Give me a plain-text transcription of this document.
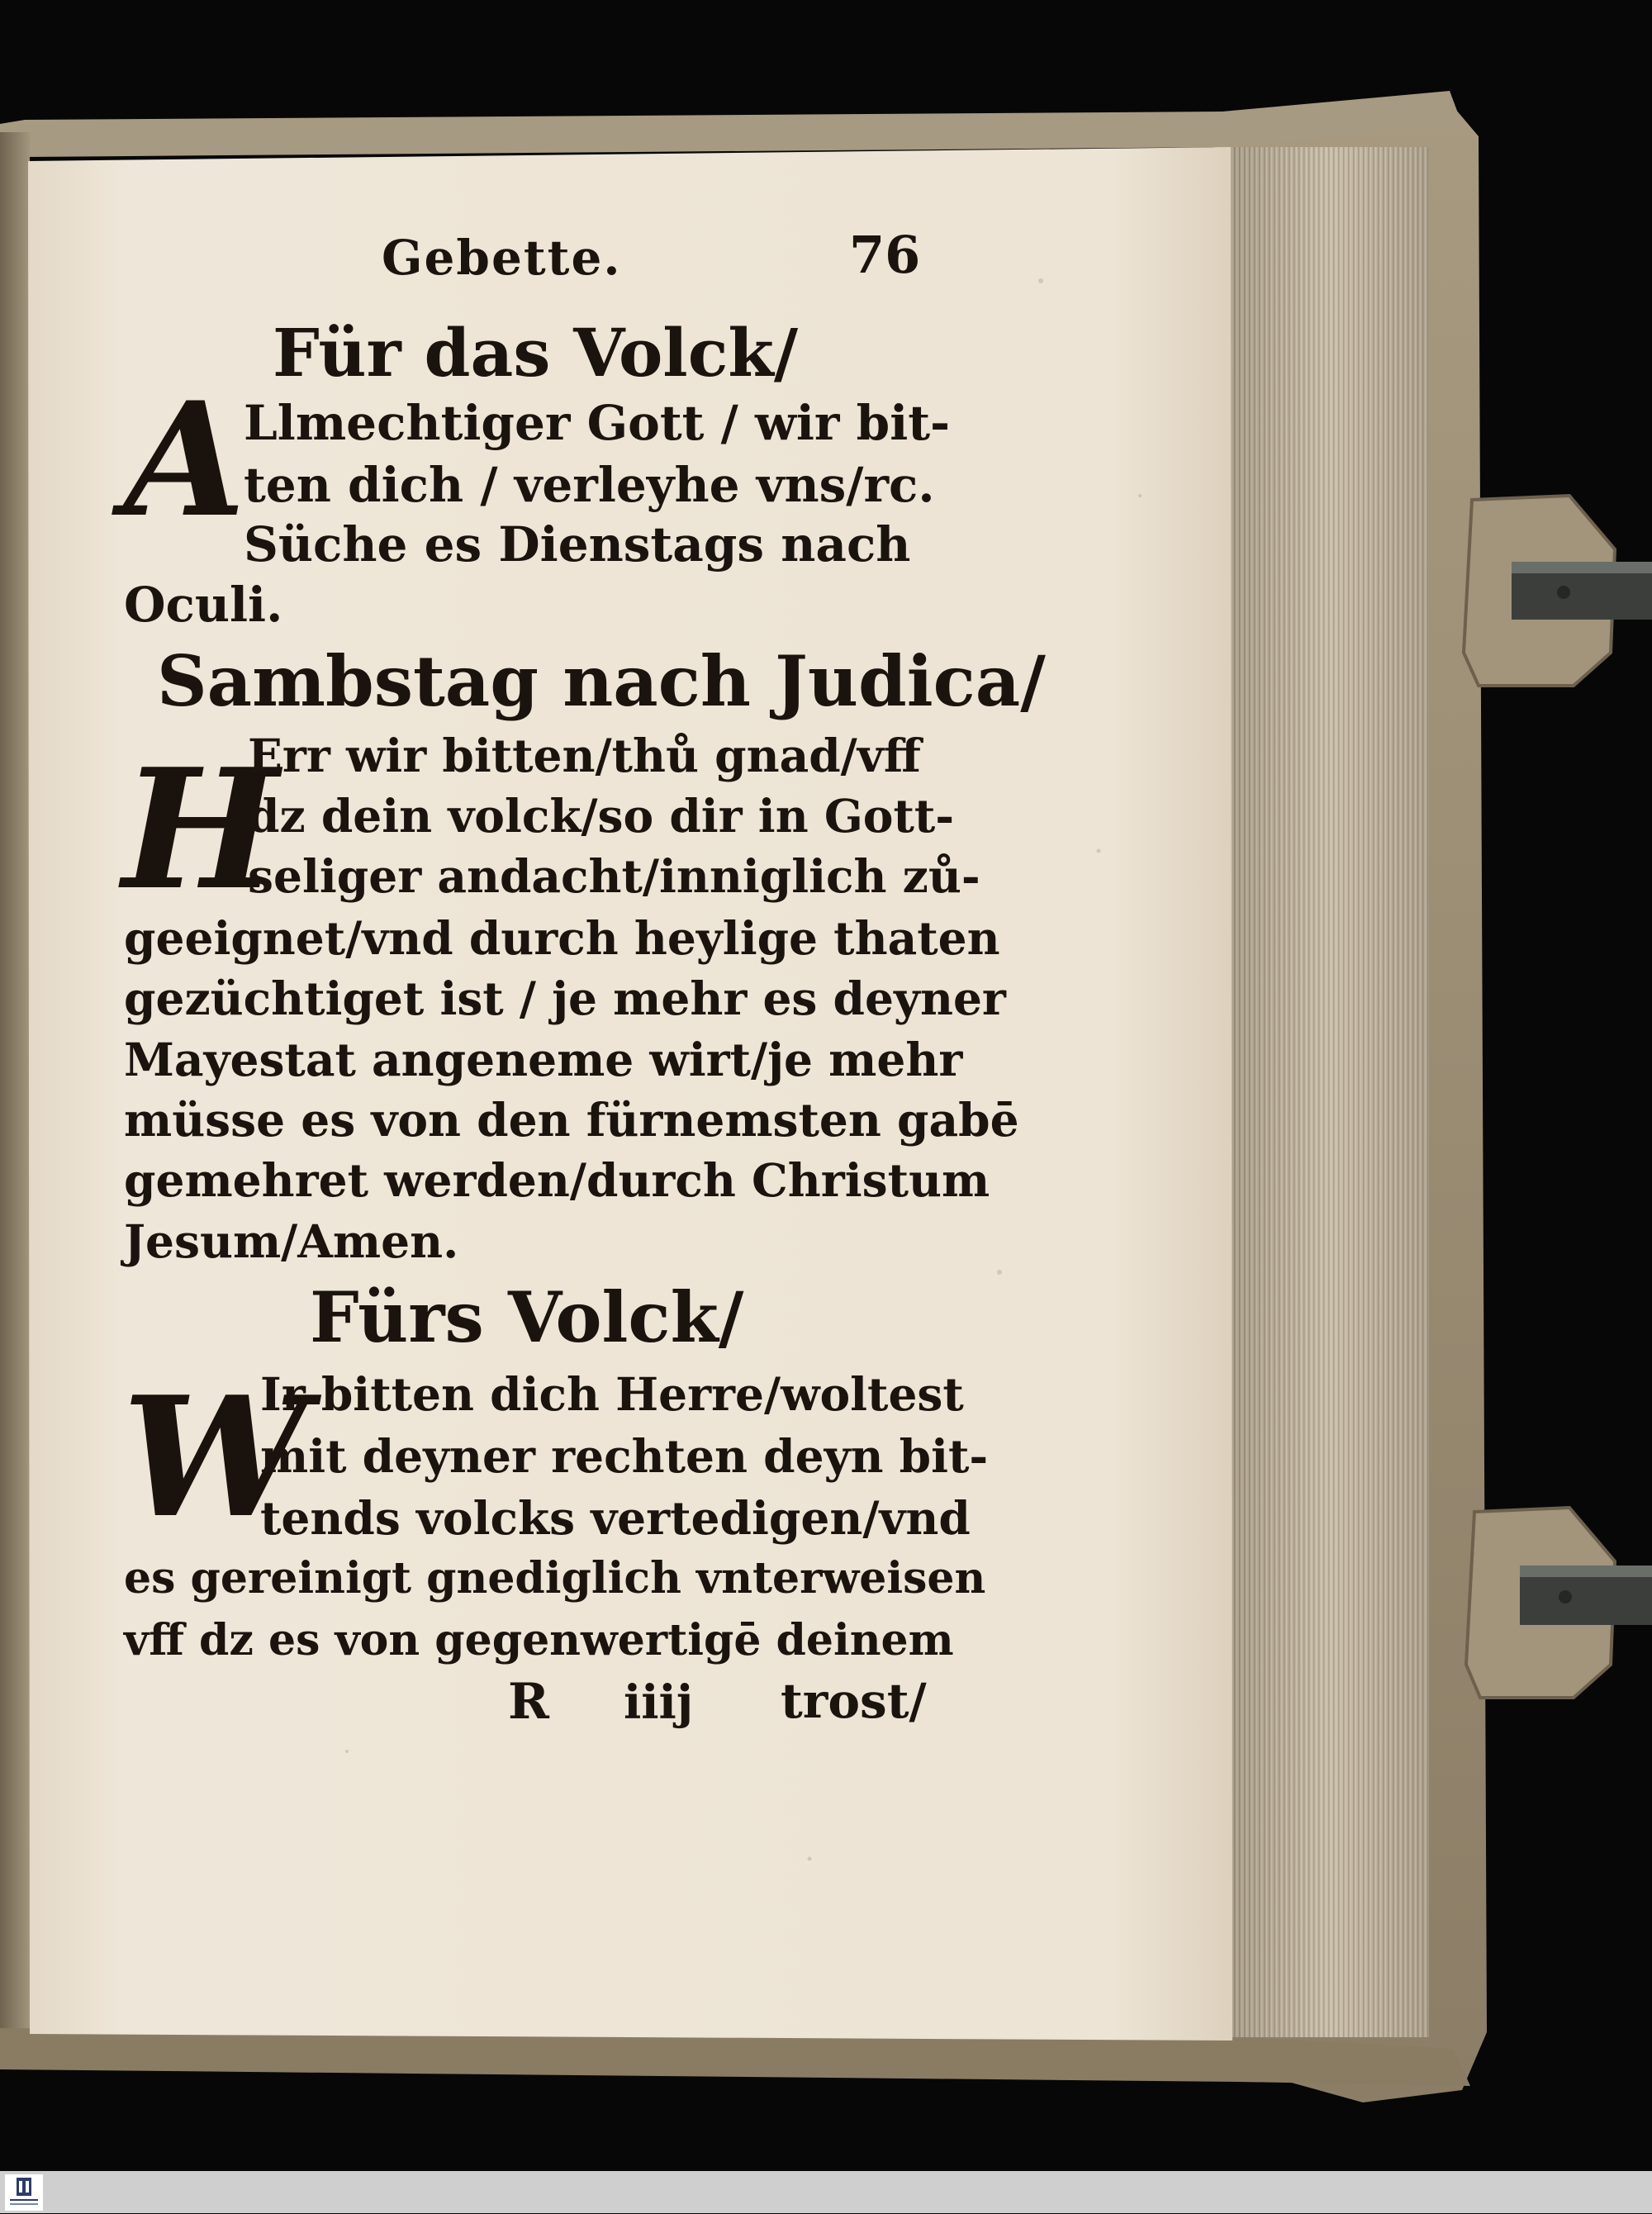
Gebette.	76
Für das Volck/
A
Llmechtiger Gott / wir bit-
ten dich / verleyhe vns/rc.
Süche es Dienstags nach
Oculi.
Sambstag nach Judica/
H
Err wir bitten/thů gnad/vff
dz dein volck/so dir in Gott-
seliger andacht/inniglich zů-
geeignet/vnd durch heylige thaten
gezüchtiget ist / je mehr es deyner
Mayestat angeneme wirt/je mehr
müsse es von den fürnemsten gabē
gemehret werden/durch Christum
Jesum/Amen.
Fürs Volck/
W
Ir bitten dich Herre/woltest
mit deyner rechten deyn bit-
tends volcks vertedigen/vnd
es gereinigt gnediglich vnterweisen
vff dz es von gegenwertigē deinem
R iiij trost/
